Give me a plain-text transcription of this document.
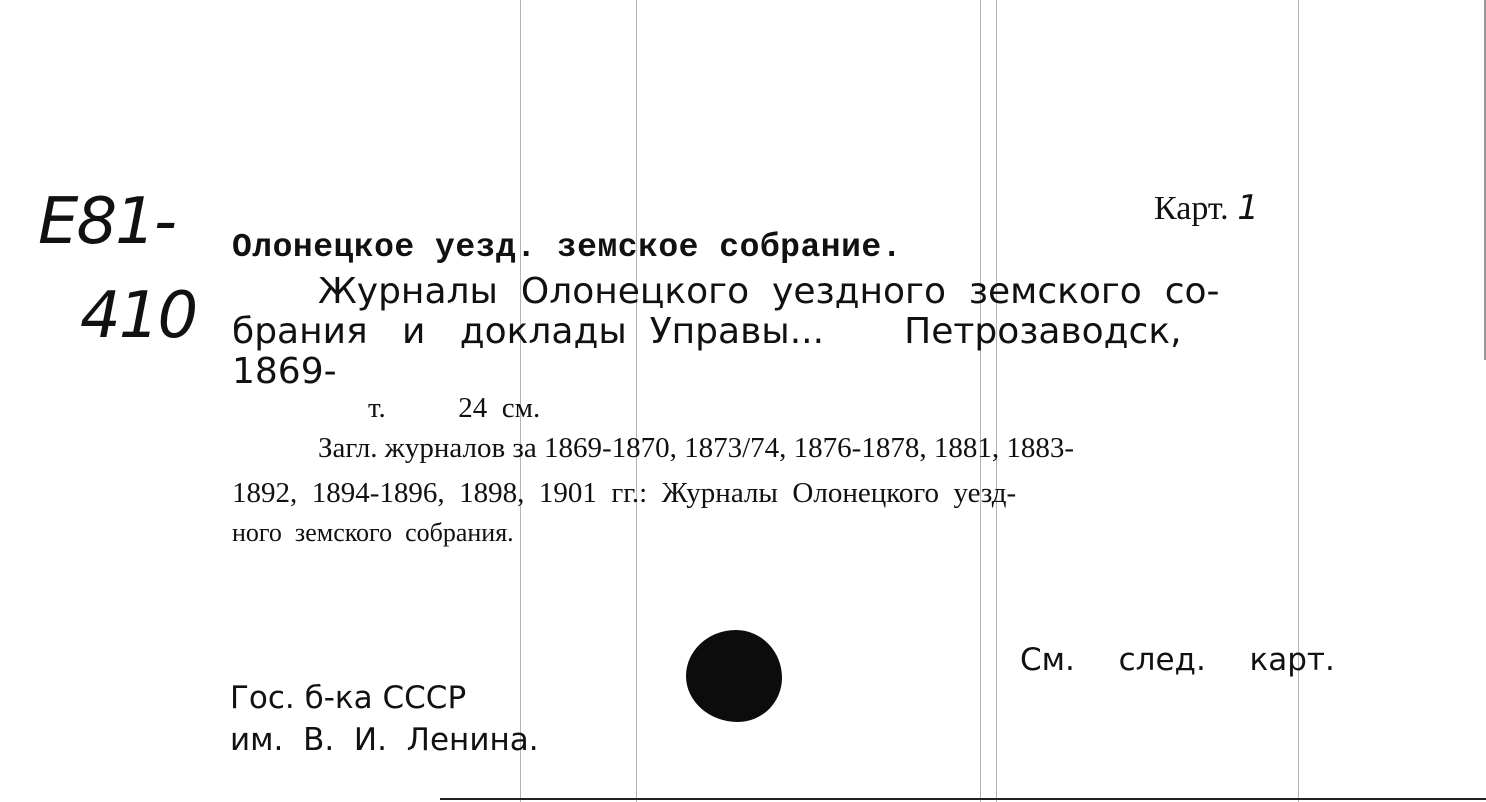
E81-
410
Карт. 1
Олонецкое уезд. земское собрание.
Журналы  Олонецкого  уездного  земского  со-
брания   и   доклады  Управы...       Петрозаводск,
1869-
т.          24  см.
Загл. журналов за 1869-1870, 1873/74, 1876-1878, 1881, 1883-
1892,  1894-1896,  1898,  1901  гг.:  Журналы  Олонецкого  уезд-
ного  земского  собрания.
См.  след.  карт.
Гос. б-ка СССР
им.  В.  И.  Ленина.
